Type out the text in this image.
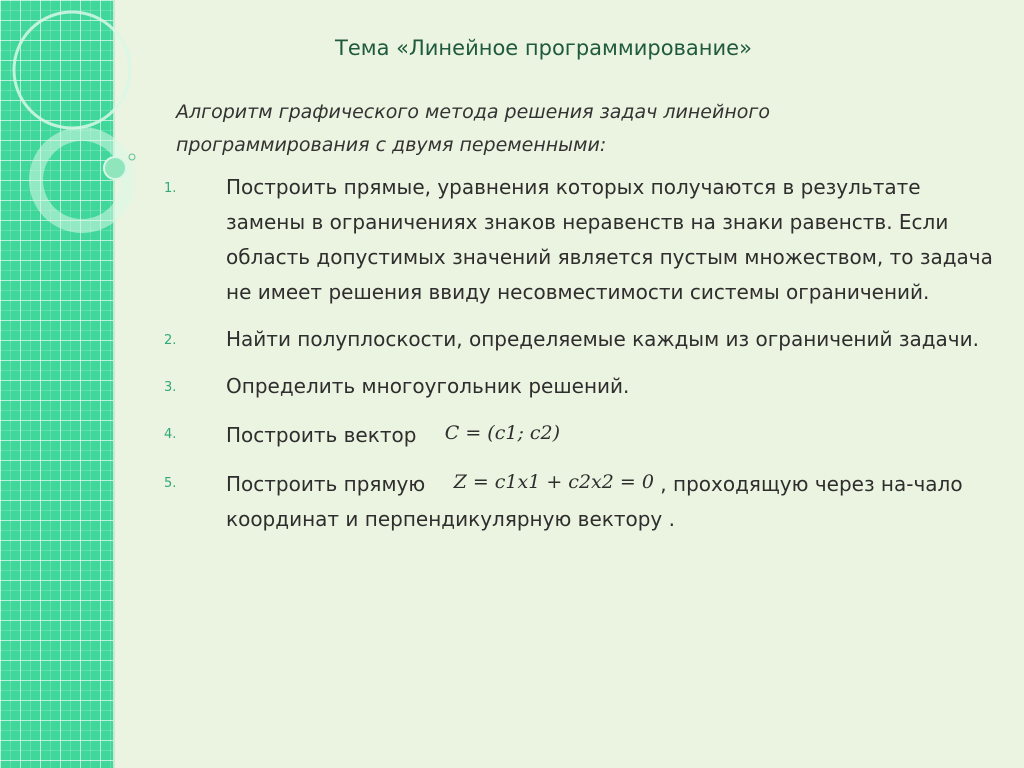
Тема «Линейное программирование»
Алгоритм графического метода решения задач линейного программирования с двумя переменными:
1. Построить прямые, уравнения которых получаются в результате замены в ограничениях знаков неравенств на знаки равенств. Если область допустимых значений является пустым множеством, то задача не имеет решения ввиду несовместимости системы ограничений.
2. Найти полуплоскости, определяемые каждым из ограничений задачи.
3. Определить многоугольник решений.
4. Построить вектор C = (c1; c2)
5. Построить прямую Z = c1x1 + c2x2 = 0 , проходящую через на-чало координат и перпендикулярную вектору .
